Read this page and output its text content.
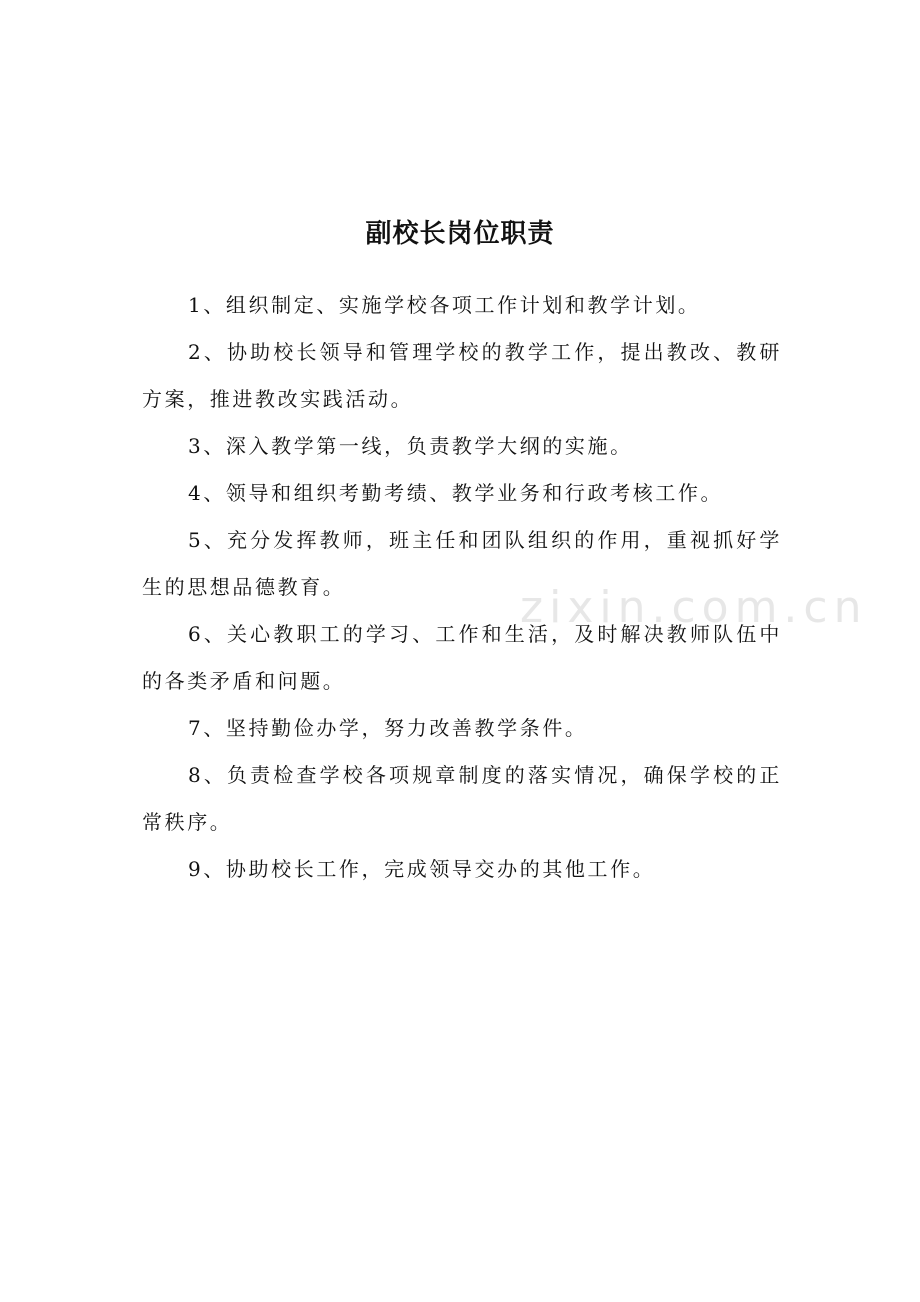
zixin.com.cn
副校长岗位职责

1、组织制定、实施学校各项工作计划和教学计划。

2、协助校长领导和管理学校的教学工作，提出教改、教研方案，推进教改实践活动。

3、深入教学第一线，负责教学大纲的实施。

4、领导和组织考勤考绩、教学业务和行政考核工作。

5、充分发挥教师，班主任和团队组织的作用，重视抓好学生的思想品德教育。

6、关心教职工的学习、工作和生活，及时解决教师队伍中的各类矛盾和问题。

7、坚持勤俭办学，努力改善教学条件。

8、负责检查学校各项规章制度的落实情况，确保学校的正常秩序。

9、协助校长工作，完成领导交办的其他工作。
